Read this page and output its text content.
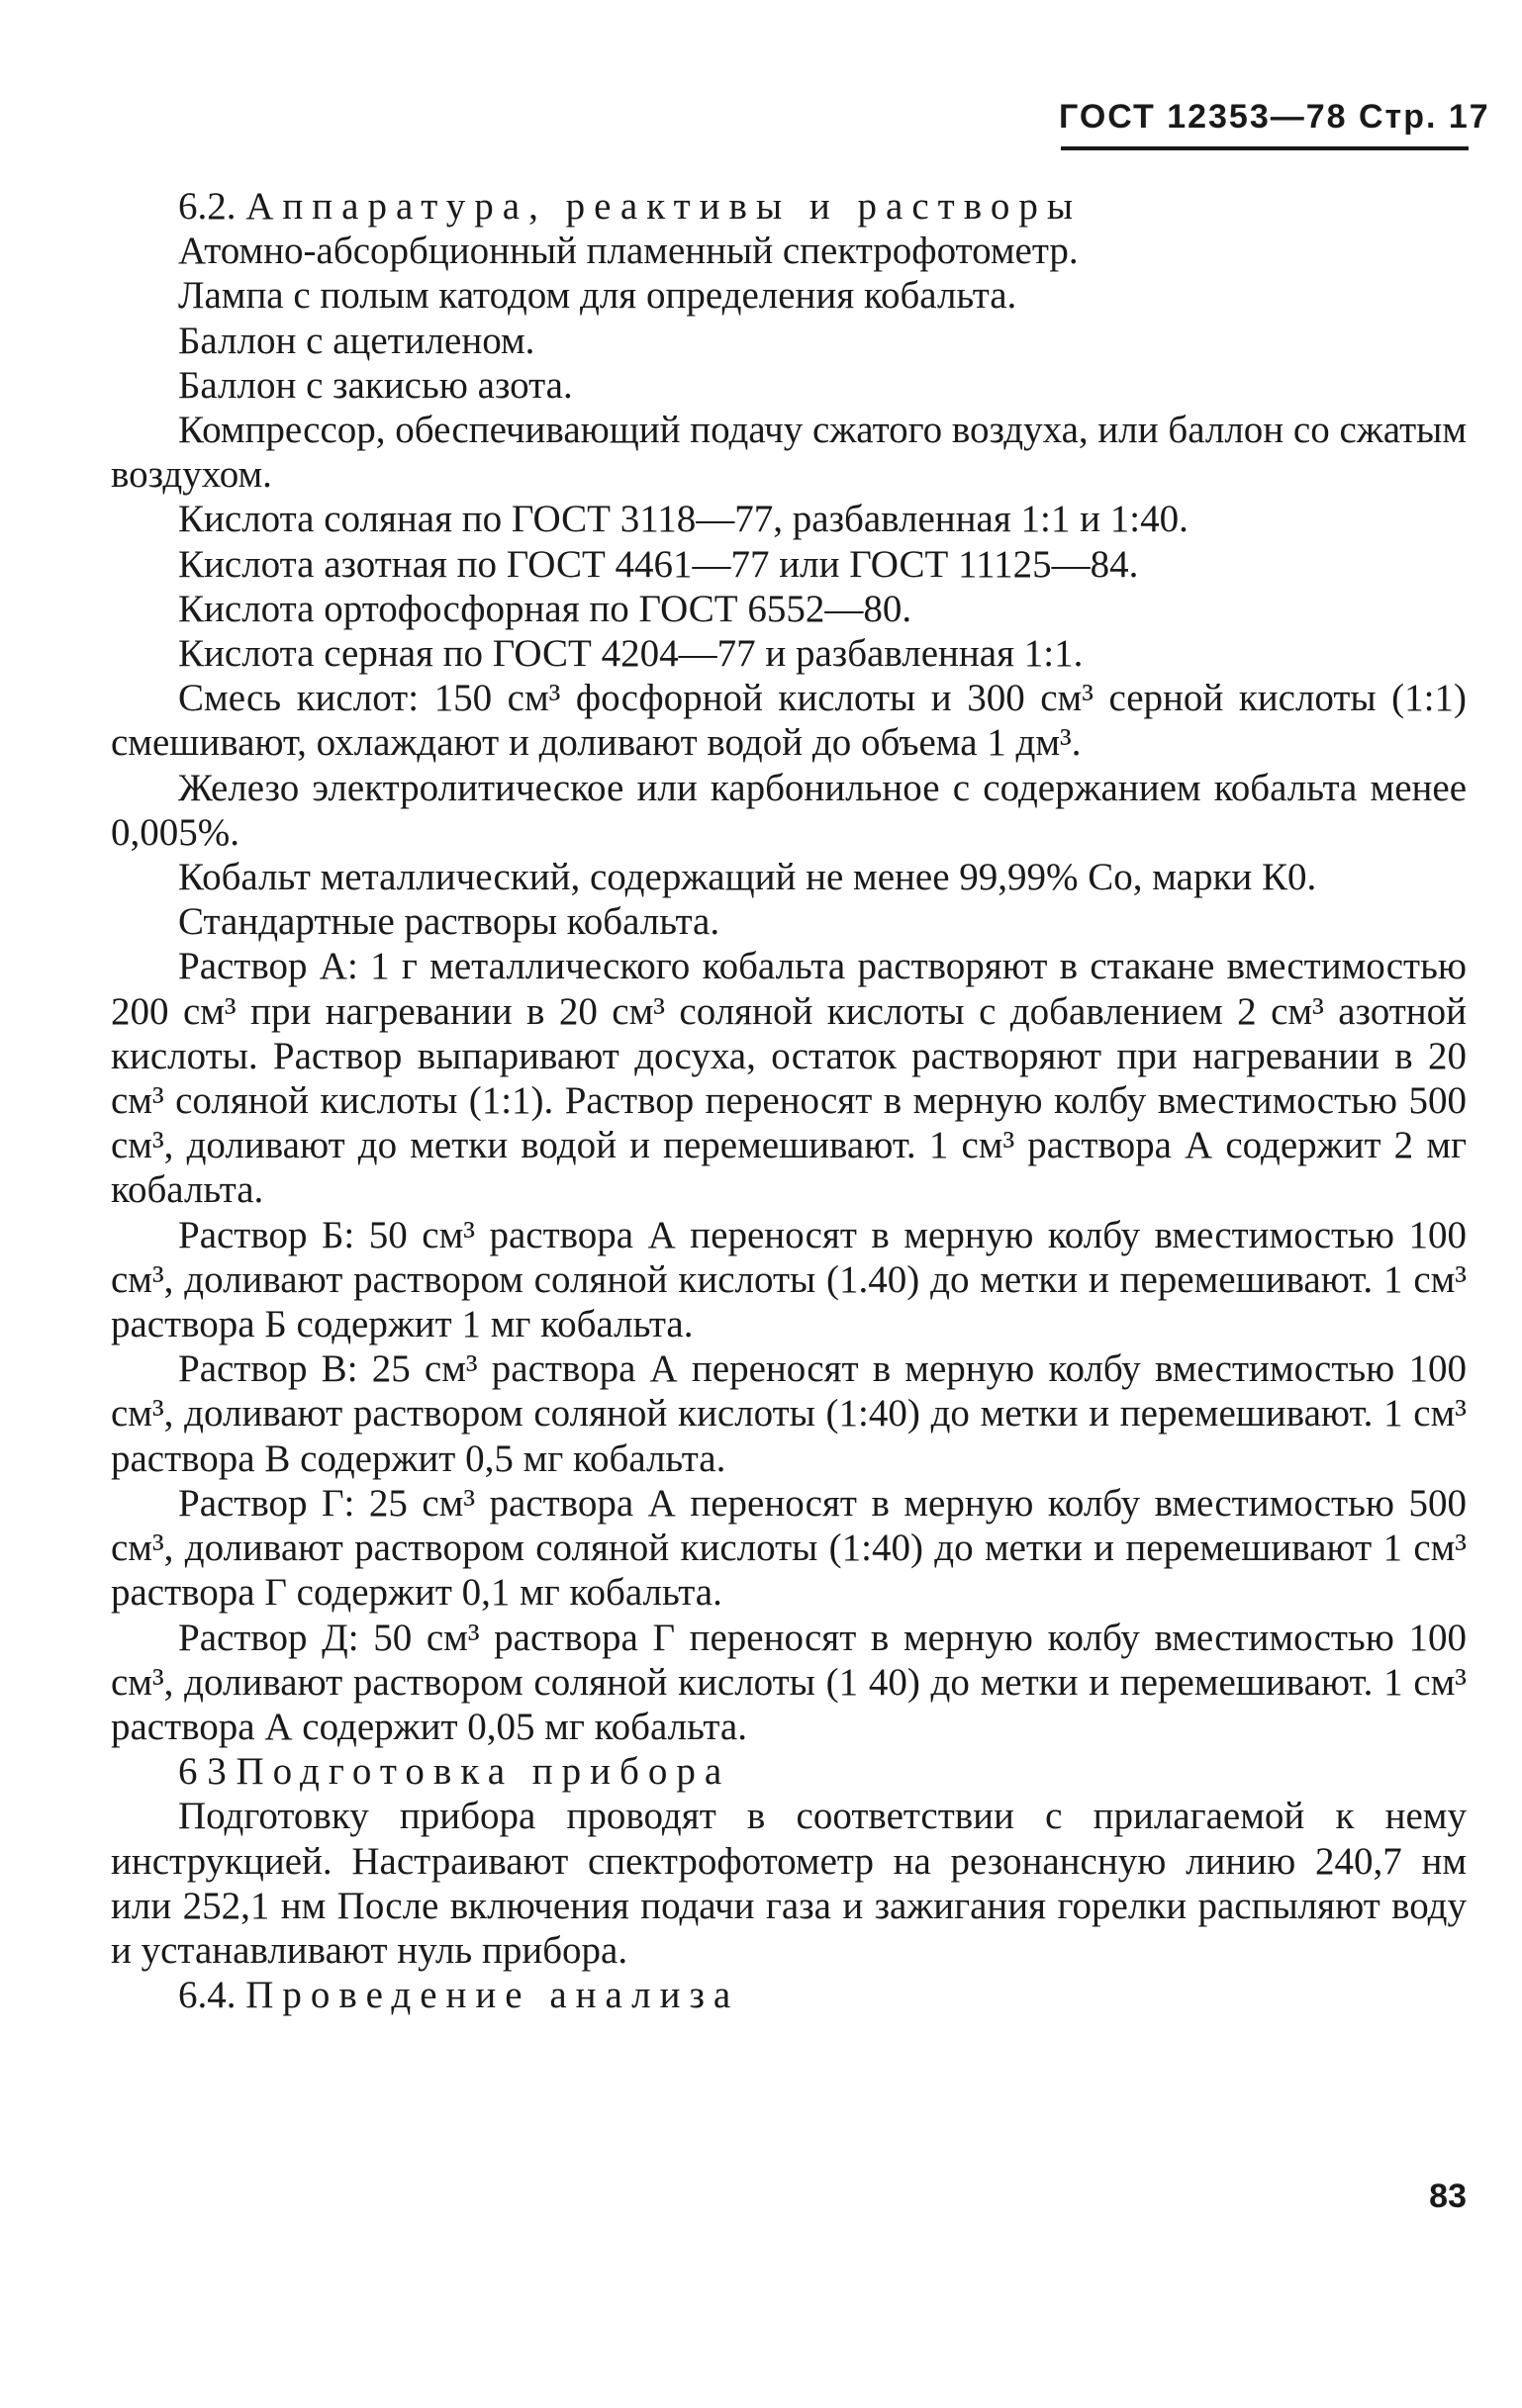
ГОСТ 12353—78 Стр. 17

6.2. Аппаратура, реактивы и растворы

Атомно-абсорбционный пламенный спектрофотометр.

Лампа с полым катодом для определения кобальта.

Баллон с ацетиленом.

Баллон с закисью азота.

Компрессор, обеспечивающий подачу сжатого воздуха, или баллон со сжатым воздухом.

Кислота соляная по ГОСТ 3118—77, разбавленная 1:1 и 1:40.

Кислота азотная по ГОСТ 4461—77 или ГОСТ 11125—84.

Кислота ортофосфорная по ГОСТ 6552—80.

Кислота серная по ГОСТ 4204—77 и разбавленная 1:1.

Смесь кислот: 150 см³ фосфорной кислоты и 300 см³ серной кислоты (1:1) смешивают, охлаждают и доливают водой до объема 1 дм³.

Железо электролитическое или карбонильное с содержанием кобальта менее 0,005%.

Кобальт металлический, содержащий не менее 99,99% Со, марки К0.

Стандартные растворы кобальта.

Раствор А: 1 г металлического кобальта растворяют в стакане вместимостью 200 см³ при нагревании в 20 см³ соляной кислоты с добавлением 2 см³ азотной кислоты. Раствор выпаривают досуха, остаток растворяют при нагревании в 20 см³ соляной кислоты (1:1). Раствор переносят в мерную колбу вместимостью 500 см³, доливают до метки водой и перемешивают. 1 см³ раствора А содержит 2 мг кобальта.

Раствор Б: 50 см³ раствора А переносят в мерную колбу вместимостью 100 см³, доливают раствором соляной кислоты (1.40) до метки и перемешивают. 1 см³ раствора Б содержит 1 мг кобальта.

Раствор В: 25 см³ раствора А переносят в мерную колбу вместимостью 100 см³, доливают раствором соляной кислоты (1:40) до метки и перемешивают. 1 см³ раствора В содержит 0,5 мг кобальта.

Раствор Г: 25 см³ раствора А переносят в мерную колбу вместимостью 500 см³, доливают раствором соляной кислоты (1:40) до метки и перемешивают 1 см³ раствора Г содержит 0,1 мг кобальта.

Раствор Д: 50 см³ раствора Г переносят в мерную колбу вместимостью 100 см³, доливают раствором соляной кислоты (1 40) до метки и перемешивают. 1 см³ раствора А содержит 0,05 мг кобальта.

6 3 Подготовка прибора

Подготовку прибора проводят в соответствии с прилагаемой к нему инструкцией. Настраивают спектрофотометр на резонансную линию 240,7 нм или 252,1 нм После включения подачи газа и зажигания горелки распыляют воду и устанавливают нуль прибора.

6.4. Проведение анализа

83
